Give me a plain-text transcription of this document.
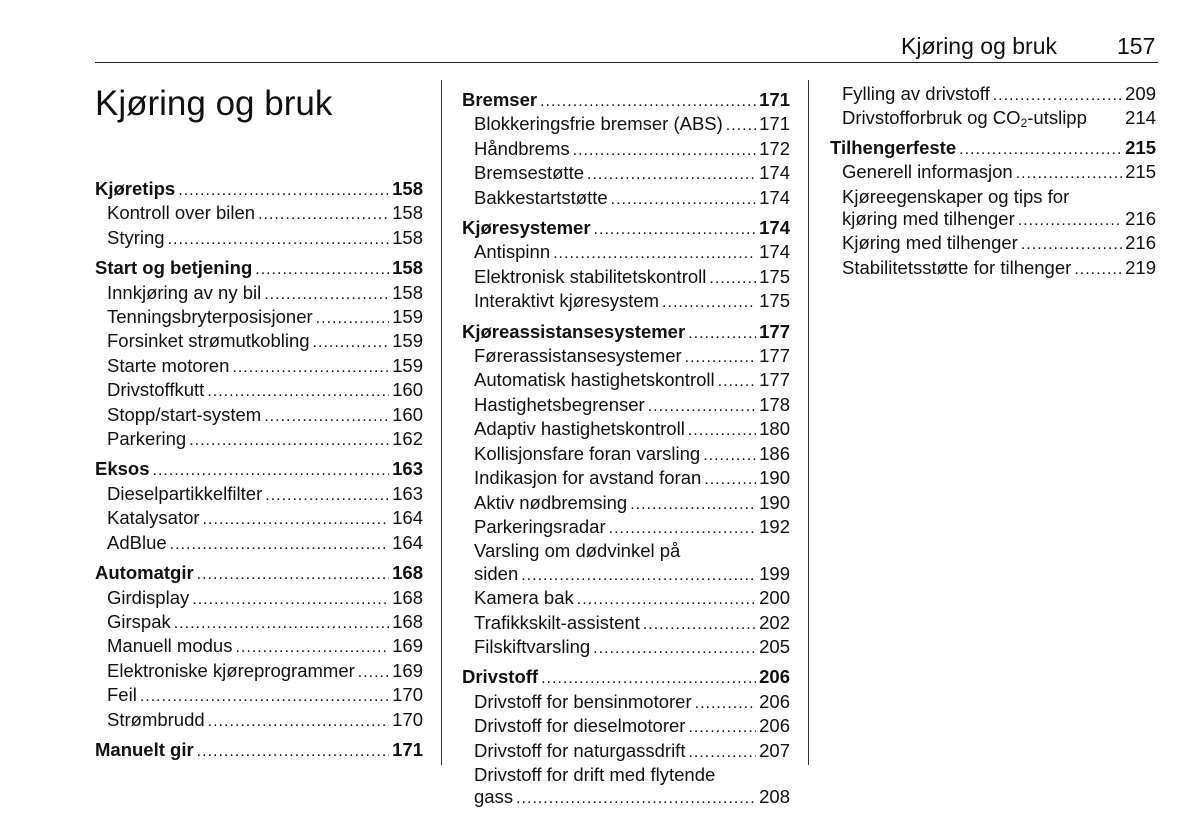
Kjøring og bruk	157
Kjøring og bruk
Kjøretips .....	158
Kontroll over bilen .....	158
Styring .....	158
Start og betjening .....	158
Innkjøring av ny bil .....	158
Tenningsbryterposisjoner .....	159
Forsinket strømutkobling .....	159
Starte motoren .....	159
Drivstoffkutt .....	160
Stopp/start-system .....	160
Parkering .....	162
Eksos .....	163
Dieselpartikkelfilter .....	163
Katalysator .....	164
AdBlue .....	164
Automatgir .....	168
Girdisplay .....	168
Girspak .....	168
Manuell modus .....	169
Elektroniske kjøreprogrammer ..... 169
Feil .....	170
Strømbrudd .....	170
Manuelt gir .....	171
Bremser .....	171
Blokkeringsfrie bremser (ABS) ..... 171
Håndbrems .....	172
Bremsestøtte .....	174
Bakkestartstøtte .....	174
Kjøresystemer .....	174
Antispinn .....	174
Elektronisk stabilitetskontroll .....	175
Interaktivt kjøresystem .....	175
Kjøreassistansesystemer .....	177
Førerassistansesystemer .....	177
Automatisk hastighetskontroll ..... 177
Hastighetsbegrenser .....	178
Adaptiv hastighetskontroll .....	180
Kollisjonsfare foran varsling .....	186
Indikasjon for avstand foran .....	190
Aktiv nødbremsing .....	190
Parkeringsradar .....	192
Varsling om dødvinkel på
siden .....	199
Kamera bak .....	200
Trafikkskilt-assistent .....	202
Filskiftvarsling .....	205
Drivstoff .....	206
Drivstoff for bensinmotorer .....	206
Drivstoff for dieselmotorer .....	206
Drivstoff for naturgassdrift .....	207
Drivstoff for drift med flytende
gass .....	208
Fylling av drivstoff .....	209
Drivstofforbruk og $CO_2$-utslipp 214
Tilhengerfeste .....	215
Generell informasjon .....	215
Kjøreegenskaper og tips for
kjøring med tilhenger .....	216
Kjøring med tilhenger .....	216
Stabilitetsstøtte for tilhenger .....	219
